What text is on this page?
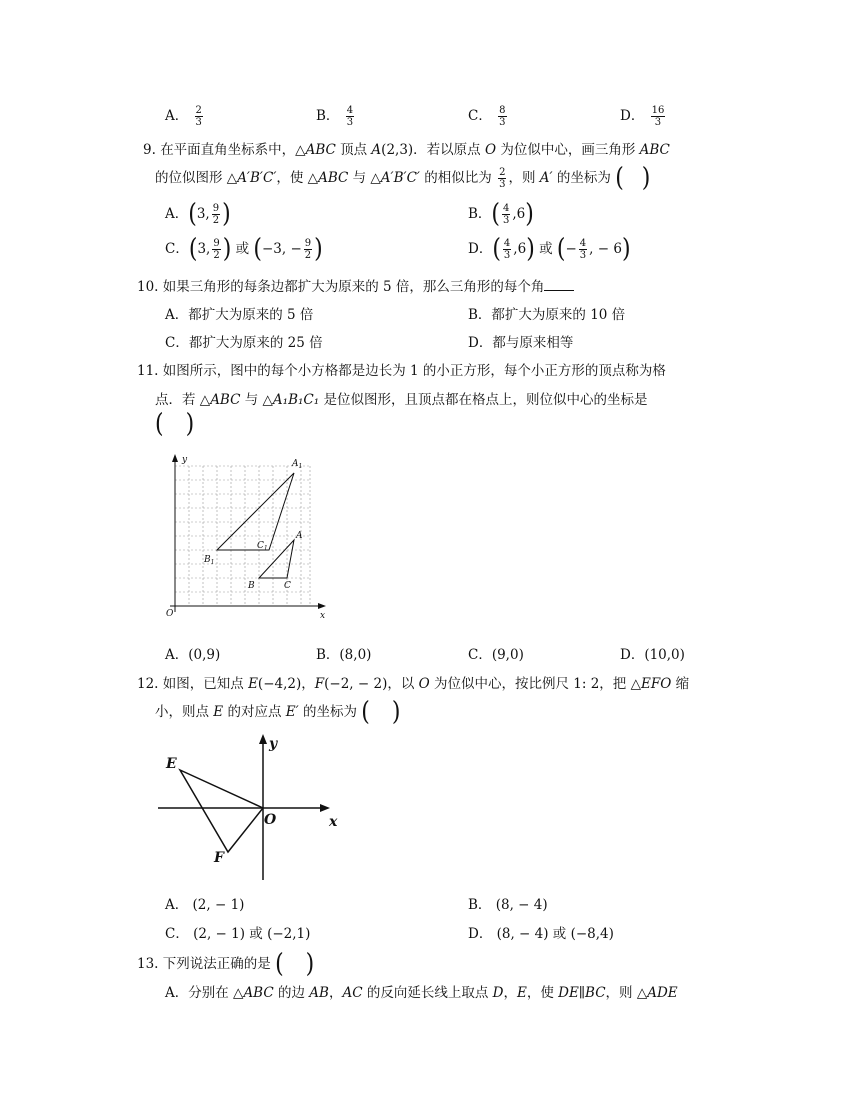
A． $\frac{2}{3}$	B． $\frac{4}{3}$	C． $\frac{8}{3}$	D． $\frac{16}{3}$
9. 在平面直角坐标系中，△ABC 顶点 A(2,3)．若以原点 O 为位似中心，画三角形 ABC
的位似图形 △A′B′C′，使 △ABC 与 △A′B′C′ 的相似比为 $\frac{2}{3}$ ，则 A′ 的坐标为 ( )
A．(3, $\frac{9}{2}$ )	B．( $\frac{4}{3} ,6$)
C．(3, $\frac{9}{2}$ ) 或 (−3, − $\frac{9}{2}$ )	D．( $\frac{4}{3} ,6$) 或 (− $\frac{4}{3}$ , − 6)
10. 如果三角形的每条边都扩大为原来的 5 倍，那么三角形的每个角
A．都扩大为原来的 5 倍	B．都扩大为原来的 10 倍
C．都扩大为原来的 25 倍	D．都与原来相等
11. 如图所示，图中的每个小方格都是边长为 1 的小正方形，每个小正方形的顶点称为格
点．若 △ABC 与 △A₁B₁C₁ 是位似图形，且顶点都在格点上，则位似中心的坐标是
( )
y
x
O
$A_1$
$B_1$
$C_1$
A
B	C
A．(0,9)	B．(8,0)	C．(9,0)	D．(10,0)
12. 如图，已知点 E(−4,2)，F(−2, − 2)，以 O 为位似中心，按比例尺 1: 2，把 △EFO 缩
小，则点 E 的对应点 E′ 的坐标为 ( )
E
F
O	x
y
A． (2, − 1)	B． (8, − 4)
C． (2, − 1) 或 (−2,1)	D． (8, − 4) 或 (−8,4)
13. 下列说法正确的是 ( )
A．分别在 △ABC 的边 AB，AC 的反向延长线上取点 D，E，使 DE∥BC，则 △ADE
